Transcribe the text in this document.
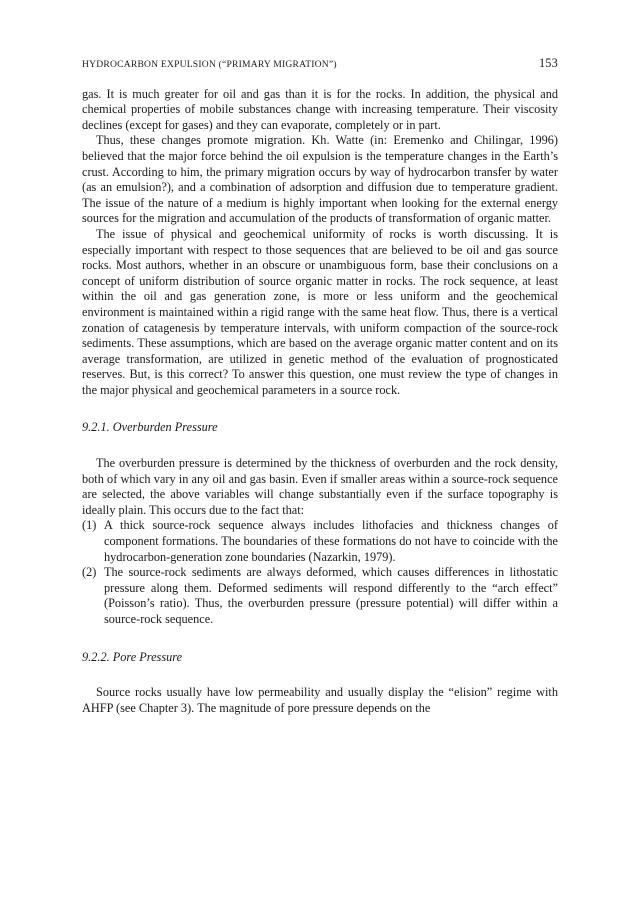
HYDROCARBON EXPULSION (“PRIMARY MIGRATION”)	153

gas. It is much greater for oil and gas than it is for the rocks. In addition, the physical and chemical properties of mobile substances change with increasing temperature. Their viscosity declines (except for gases) and they can evaporate, completely or in part.

Thus, these changes promote migration. Kh. Watte (in: Eremenko and Chilingar, 1996) believed that the major force behind the oil expulsion is the temperature changes in the Earth’s crust. According to him, the primary migration occurs by way of hydrocarbon transfer by water (as an emulsion?), and a combination of adsorption and diffusion due to temperature gradient. The issue of the nature of a medium is highly important when looking for the external energy sources for the migration and accumulation of the products of transformation of organic matter.

The issue of physical and geochemical uniformity of rocks is worth discussing. It is especially important with respect to those sequences that are believed to be oil and gas source rocks. Most authors, whether in an obscure or unambiguous form, base their conclusions on a concept of uniform distribution of source organic matter in rocks. The rock sequence, at least within the oil and gas generation zone, is more or less uniform and the geochemical environment is maintained within a rigid range with the same heat flow. Thus, there is a vertical zonation of catagenesis by temperature intervals, with uniform compaction of the source-rock sediments. These assumptions, which are based on the average organic matter content and on its average transformation, are utilized in genetic method of the evaluation of prognosticated reserves. But, is this correct? To answer this question, one must review the type of changes in the major physical and geochemical parameters in a source rock.

9.2.1. Overburden Pressure

The overburden pressure is determined by the thickness of overburden and the rock density, both of which vary in any oil and gas basin. Even if smaller areas within a source-rock sequence are selected, the above variables will change substantially even if the surface topography is ideally plain. This occurs due to the fact that:

(1) A thick source-rock sequence always includes lithofacies and thickness changes of component formations. The boundaries of these formations do not have to coincide with the hydrocarbon-generation zone boundaries (Nazarkin, 1979).
(2) The source-rock sediments are always deformed, which causes differences in lithostatic pressure along them. Deformed sediments will respond differently to the “arch effect” (Poisson’s ratio). Thus, the overburden pressure (pressure potential) will differ within a source-rock sequence.
9.2.2. Pore Pressure

Source rocks usually have low permeability and usually display the “elision” regime with AHFP (see Chapter 3). The magnitude of pore pressure depends on the
